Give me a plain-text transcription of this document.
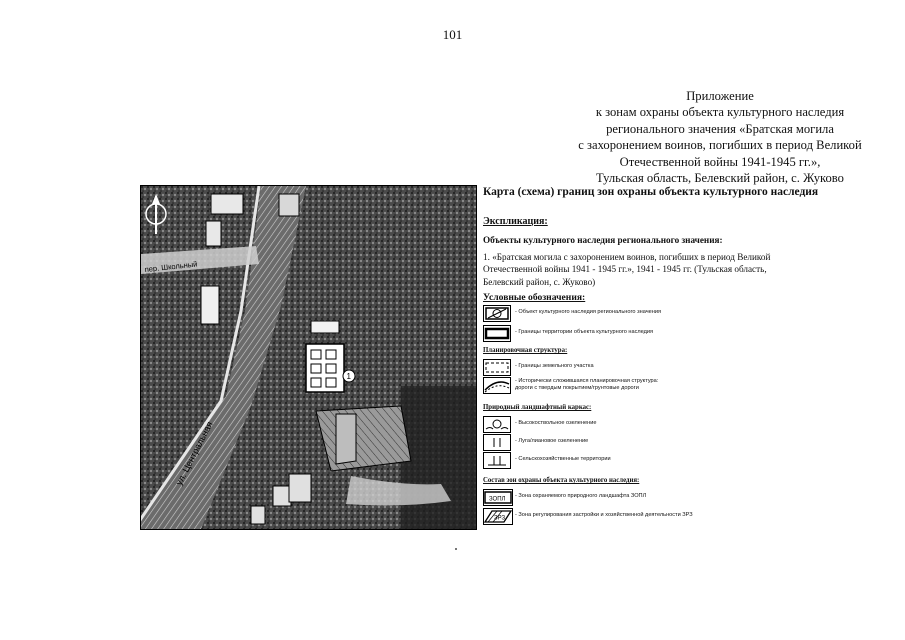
101
Приложение
к зонам охраны объекта культурного наследия
регионального значения «Братская могила
с захоронением воинов, погибших в период Великой
Отечественной войны 1941-1945 гг.»,
Тульская область, Белевский район, с. Жуково
1
пер. Школьный
ул. Центральная
Карта (схема) границ зон охраны объекта культурного наследия
Экспликация:
Объекты культурного наследия регионального значения:
1. «Братская могила с захоронением воинов, погибших в период Великой
Отечественной войны 1941 - 1945 гг.», 1941 - 1945 гг. (Тульская область,
Белевский район, с. Жуково)
Условные обозначения:
- Объект культурного наследия регионального значения
- Границы территории объекта культурного наследия
Планировочная структура:
- Границы земельного участка
- Исторически сложившаяся планировочная структура:
дороги с твердым покрытием/грунтовые дороги
Природный ландшафтный каркас:
- Высокоствольное озеленение
- Луга/лиановое озеленение
- Сельскохозяйственные территории
Состав зон охраны объекта культурного наследия:
ЗОПЛ
- Зона охраняемого природного ландшафта ЗОПЛ
ЗРЗ
- Зона регулирования застройки и хозяйственной деятельности ЗРЗ
